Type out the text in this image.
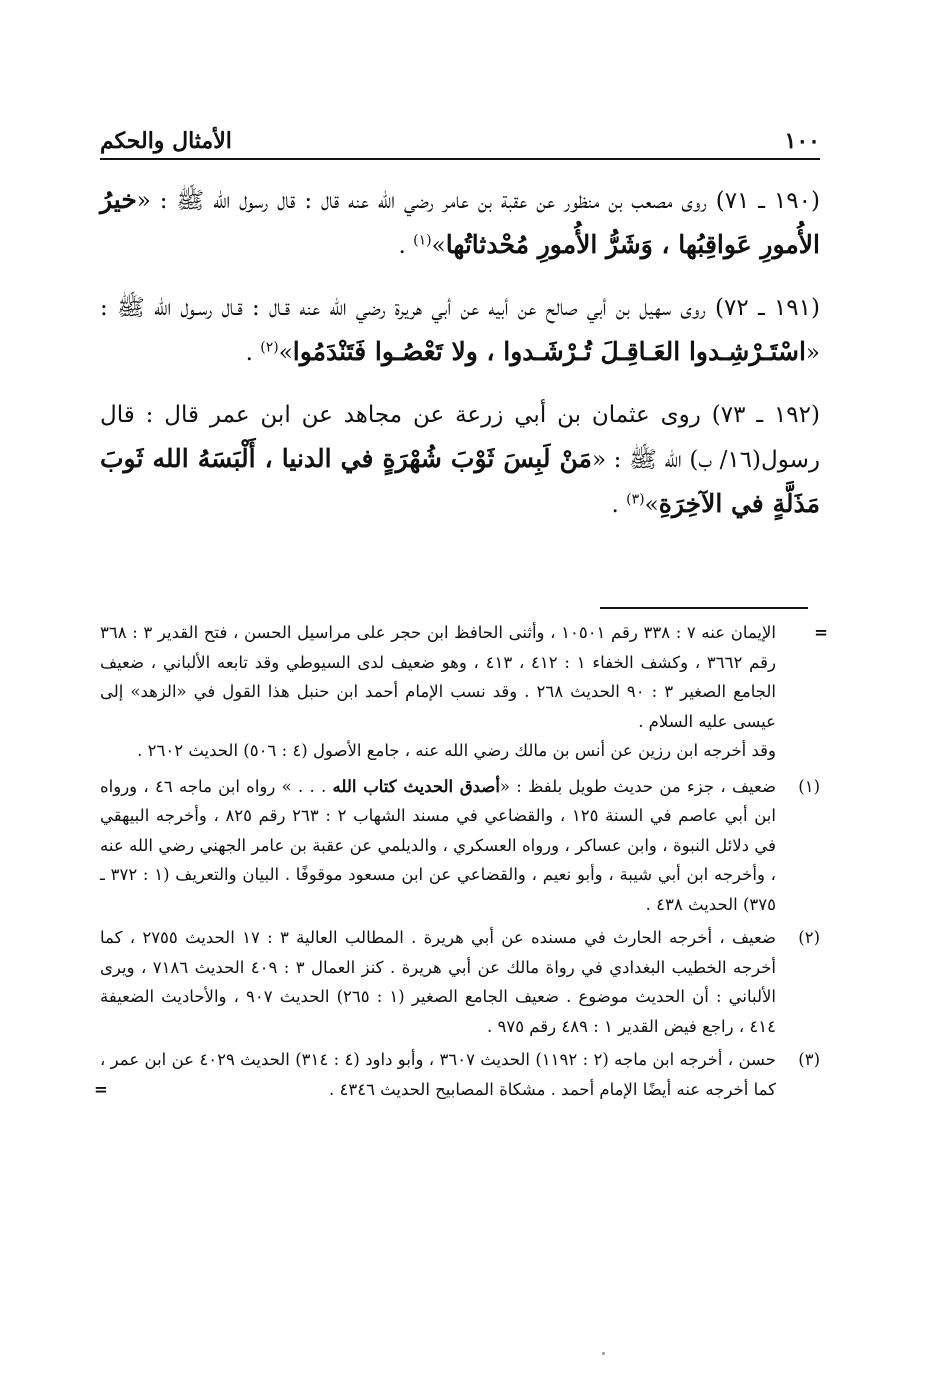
١٠٠
الأمثال والحكم

(١٩٠ ـ ٧١) روى مصعب بن منظور عن عقبة بن عامر رضي الله عنه قال : قال رسول الله ﷺ : «خيرُ الأُمورِ عَواقِبُها ، وَشَرُّ الأُمورِ مُحْدثاتُها»$^{(١)}$ .

(١٩١ ـ ٧٢) روى سهيل بن أبي صالح عن أبيه عن أبي هريرة رضي الله عنه قـال : قـال رسـول الله ﷺ : «اسْتَـرْشِـدوا العَـاقِـلَ تُـرْشَـدوا ، ولا تَعْصُـوا فَتَنْدَمُوا»$^{(٢)}$ .

(١٩٢ ـ ٧٣) روى عثمان بن أبي زرعة عن مجاهد عن ابن عمر قال : قال رسول(١٦/ ب) الله ﷺ : «مَنْ لَبِسَ ثَوْبَ شُهْرَةٍ في الدنيا ، أَلْبَسَهُ الله ثَوبَ مَذَلَّةٍ في الآخِرَةِ»$^{(٣)}$ .

=
الإيمان عنه ٧ : ٣٣٨ رقم ١٠٥٠١ ، وأثنى الحافظ ابن حجر على مراسيل الحسن ، فتح القدير ٣ : ٣٦٨ رقم ٣٦٦٢ ، وكشف الخفاء ١ : ٤١٢ ، ٤١٣ ، وهو ضعيف لدى السيوطي وقد تابعه الألباني ، ضعيف الجامع الصغير ٣ : ٩٠ الحديث ٢٦٨ . وقد نسب الإمام أحمد ابن حنبل هذا القول في «الزهد» إلى عيسى عليه السلام .
وقد أخرجه ابن رزين عن أنس بن مالك رضي الله عنه ، جامع الأصول (٤ : ٥٠٦) الحديث ٢٦٠٢ .
(١)
ضعيف ، جزء من حديث طويل بلفظ : «أصدق الحديث كتاب الله . . . » رواه ابن ماجه ٤٦ ، ورواه ابن أبي عاصم في السنة ١٢٥ ، والقضاعي في مسند الشهاب ٢ : ٢٦٣ رقم ٨٢٥ ، وأخرجه البيهقي في دلائل النبوة ، وابن عساكر ، ورواه العسكري ، والديلمي عن عقبة بن عامر الجهني رضي الله عنه ، وأخرجه ابن أبي شيبة ، وأبو نعيم ، والقضاعي عن ابن مسعود موقوفًا . البيان والتعريف (١ : ٣٧٢ ـ ٣٧٥) الحديث ٤٣٨ .
(٢)
ضعيف ، أخرجه الحارث في مسنده عن أبي هريرة . المطالب العالية ٣ : ١٧ الحديث ٢٧٥٥ ، كما أخرجه الخطيب البغدادي في رواة مالك عن أبي هريرة . كنز العمال ٣ : ٤٠٩ الحديث ٧١٨٦ ، ويرى الألباني : أن الحديث موضوع . ضعيف الجامع الصغير (١ : ٢٦٥) الحديث ٩٠٧ ، والأحاديث الضعيفة ٤١٤ ، راجع فيض القدير ١ : ٤٨٩ رقم ٩٧٥ .
(٣)
حسن ، أخرجه ابن ماجه (٢ : ١١٩٢) الحديث ٣٦٠٧ ، وأبو داود (٤ : ٣١٤) الحديث ٤٠٢٩ عن ابن عمر ، كما أخرجه عنه أيضًا الإمام أحمد . مشكاة المصابيح الحديث ٤٣٤٦ .
=
